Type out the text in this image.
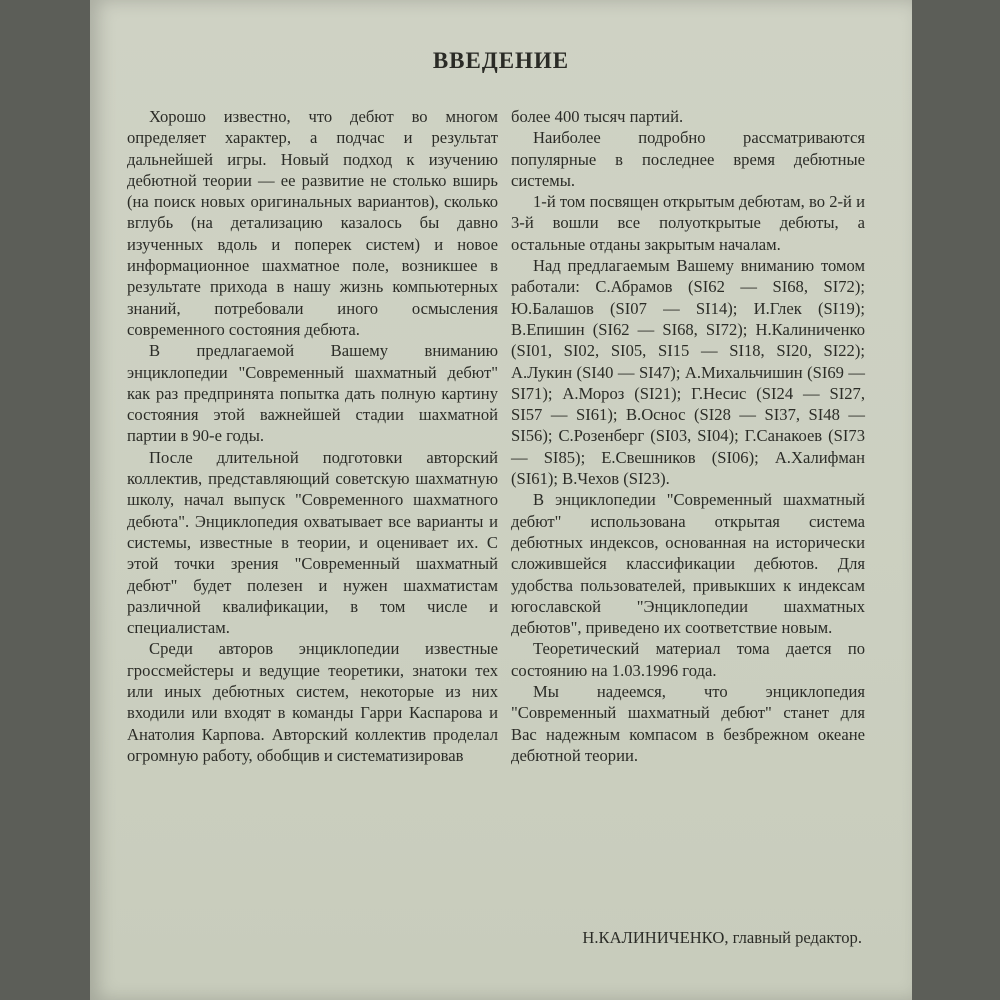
ВВЕДЕНИЕ

Хорошо известно, что дебют во многом определяет характер, а подчас и результат дальнейшей игры. Новый подход к изучению дебютной теории — ее развитие не столько вширь (на поиск новых оригинальных вариантов), сколько вглубь (на детализацию казалось бы давно изученных вдоль и поперек систем) и новое информационное шахматное поле, возникшее в результате прихода в нашу жизнь компьютерных знаний, потребовали иного осмысления современного состояния дебюта.

В предлагаемой Вашему вниманию энциклопедии "Современный шахматный дебют" как раз предпринята попытка дать полную картину состояния этой важнейшей стадии шахматной партии в 90-е годы.

После длительной подготовки авторский коллектив, представляющий советскую шахматную школу, начал выпуск "Современного шахматного дебюта". Энциклопедия охватывает все варианты и системы, известные в теории, и оценивает их. С этой точки зрения "Современный шахматный дебют" будет полезен и нужен шахматистам различной квалификации, в том числе и специалистам.

Среди авторов энциклопедии известные гроссмейстеры и ведущие теоретики, знатоки тех или иных дебютных систем, некоторые из них входили или входят в команды Гарри Каспарова и Анатолия Карпова. Авторский коллектив проделал огромную работу, обобщив и систематизировав

более 400 тысяч партий.

Наиболее подробно рассматриваются популярные в последнее время дебютные системы.

1-й том посвящен открытым дебютам, во 2-й и 3-й вошли все полуоткрытые дебюты, а остальные отданы закрытым началам.

Над предлагаемым Вашему вниманию томом работали: С.Абрамов (SI62 — SI68, SI72); Ю.Балашов (SI07 — SI14); И.Глек (SI19); В.Епишин (SI62 — SI68, SI72); Н.Калиниченко (SI01, SI02, SI05, SI15 — SI18, SI20, SI22); А.Лукин (SI40 — SI47); А.Михальчишин (SI69 — SI71); А.Мороз (SI21); Г.Несис (SI24 — SI27, SI57 — SI61); В.Оснос (SI28 — SI37, SI48 — SI56); С.Розенберг (SI03, SI04); Г.Санакоев (SI73 — SI85); Е.Свешников (SI06); А.Халифман (SI61); В.Чехов (SI23).

В энциклопедии "Современный шахматный дебют" использована открытая система дебютных индексов, основанная на исторически сложившейся классификации дебютов. Для удобства пользователей, привыкших к индексам югославской "Энциклопедии шахматных дебютов", приведено их соответствие новым.

Теоретический материал тома дается по состоянию на 1.03.1996 года.

Мы надеемся, что энциклопедия "Современный шахматный дебют" станет для Вас надежным компасом в безбрежном океане дебютной теории.

Н.КАЛИНИЧЕНКО, главный редактор.
